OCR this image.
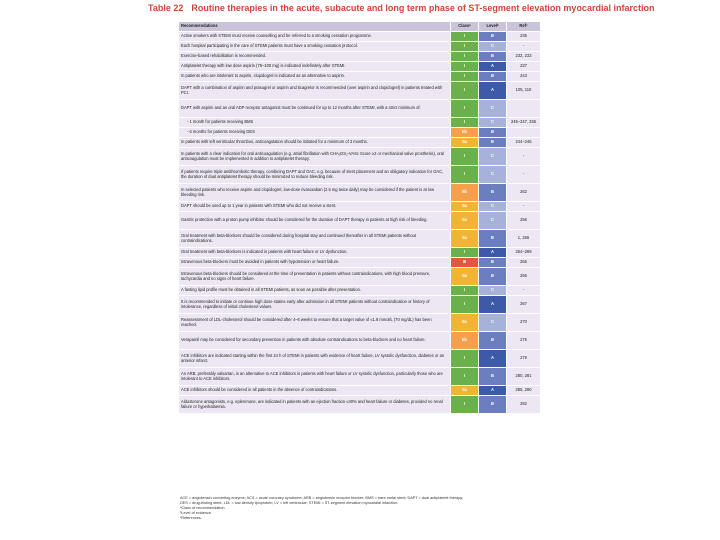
Table 22 Routine therapies in the acute, subacute and long term phase of ST-segment elevation myocardial infarction
Recommendations	Classᵃ	Levelᵇ	Refᶜ
Active smokers with STEMI must receive counselling and be referred to a smoking cessation programme.	I	B	235
Each hospital participating in the care of STEMI patients must have a smoking cessation protocol.	I	C	-
Exercise-based rehabilitation is recommended.	I	B	232, 233
Antiplatelet therapy with low dose aspirin (75–100 mg) is indicated indefinitely after STEMI.	I	A	237
In patients who are intolerant to aspirin, clopidogrel is indicated as an alternative to aspirin.	I	B	243
DAPT with a combination of aspirin and prasugrel or aspirin and ticagrelor is recommended (over aspirin and clopidogrel) in patients treated with PCI.	I	A	105, 110
DAPT with aspirin and an oral ADP receptor antagonist must be continued for up to 12 months after STEMI, with a strict minimum of:	I	C	
- 1 month for patients receiving BMS	I	C	245–247, 265
- 6 months for patients receiving DES	IIb	B	
In patients with left ventricular thrombus, anticoagulation should be initiated for a minimum of 3 months.	IIa	B	244–246
In patients with a clear indication for oral anticoagulation (e.g. atrial fibrillation with CHA₂DS₂-VASc Score ≥2 or mechanical valve prosthesis), oral anticoagulation must be implemented in addition to antiplatelet therapy.	I	C	-
If patients require triple antithrombotic therapy, combining DAPT and OAC, e.g. because of stent placement and an obligatory indication for OAC, the duration of dual antiplatelet therapy should be minimized to reduce bleeding risk.	I	C	-
In selected patients who receive aspirin and clopidogrel, low-dose rivaroxaban (2.5 mg twice daily) may be considered if the patient is at low bleeding risk.	IIb	B	262
DAPT should be used up to 1 year in patients with STEMI who did not receive a stent.	IIa	C	-
Gastric protection with a proton pump inhibitor should be considered for the duration of DAPT therapy in patients at high risk of bleeding.	IIa	C	256
Oral treatment with beta-blockers should be considered during hospital stay and continued thereafter in all STEMI patients without contraindications.	IIa	B	1, 266
Oral treatment with beta-blockers is indicated in patients with heart failure or LV dysfunction.	I	A	264–289
Intravenous beta-blockers must be avoided in patients with hypotension or heart failure.	III	B	266
Intravenous beta-blockers should be considered at the time of presentation in patients without contraindications, with high blood pressure, tachycardia and no signs of heart failure.	IIa	B	266
A fasting lipid profile must be obtained in all STEMI patients, as soon as possible after presentation.	I	C	-
It is recommended to initiate or continue high dose statins early after admission in all STEMI patients without contraindication or history of intolerance, regardless of initial cholesterol values.	I	A	267
Reassessment of LDL-cholesterol should be considered after 4–6 weeks to ensure that a target value of ≤1.8 mmol/L (70 mg/dL) has been reached.	IIa	C	270
Verapamil may be considered for secondary prevention in patients with absolute contraindications to beta-blockers and no heart failure.	IIb	B	276
ACE inhibitors are indicated starting within the first 24 h of STEMI in patients with evidence of heart failure, LV systolic dysfunction, diabetes or an anterior infarct.	I	A	279
An ARB, preferably valsartan, is an alternative to ACE inhibitors in patients with heart failure or LV systolic dysfunction, particularly those who are intolerant to ACE inhibitors.	I	B	280, 281
ACE inhibitors should be considered in all patients in the absence of contraindications.	IIa	A	285, 290
Aldosterone antagonists, e.g. eplerenone, are indicated in patients with an ejection fraction ≤40% and heart failure or diabetes, provided no renal failure or hyperkalaemia.	I	B	282
ACE = angiotensin-converting enzyme; ACS = acute coronary syndrome; ARB = angiotensin receptor blocker; BMS = bare-metal stent; DAPT = dual antiplatelet therapy;
DES = drug-eluting stent; LDL = low-density lipoprotein; LV = left ventricular; STEMI = ST-segment elevation myocardial infarction.
ᵃClass of recommendation.
ᵇLevel of evidence.
ᶜReferences.
